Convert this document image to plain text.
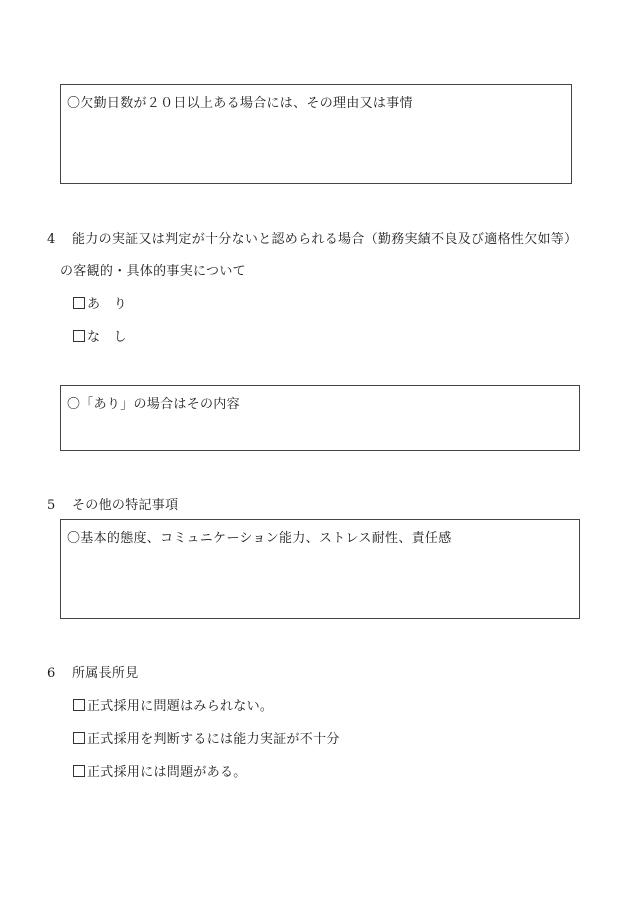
〇欠勤日数が２０日以上ある場合には、その理由又は事情
4 能力の実証又は判定が十分ないと認められる場合（勤務実績不良及び適格性欠如等）
の客観的・具体的事実について
あ　り
な　し
〇「あり」の場合はその内容
5 その他の特記事項
〇基本的態度、コミュニケーション能力、ストレス耐性、責任感
6 所属長所見
正式採用に問題はみられない。
正式採用を判断するには能力実証が不十分
正式採用には問題がある。
